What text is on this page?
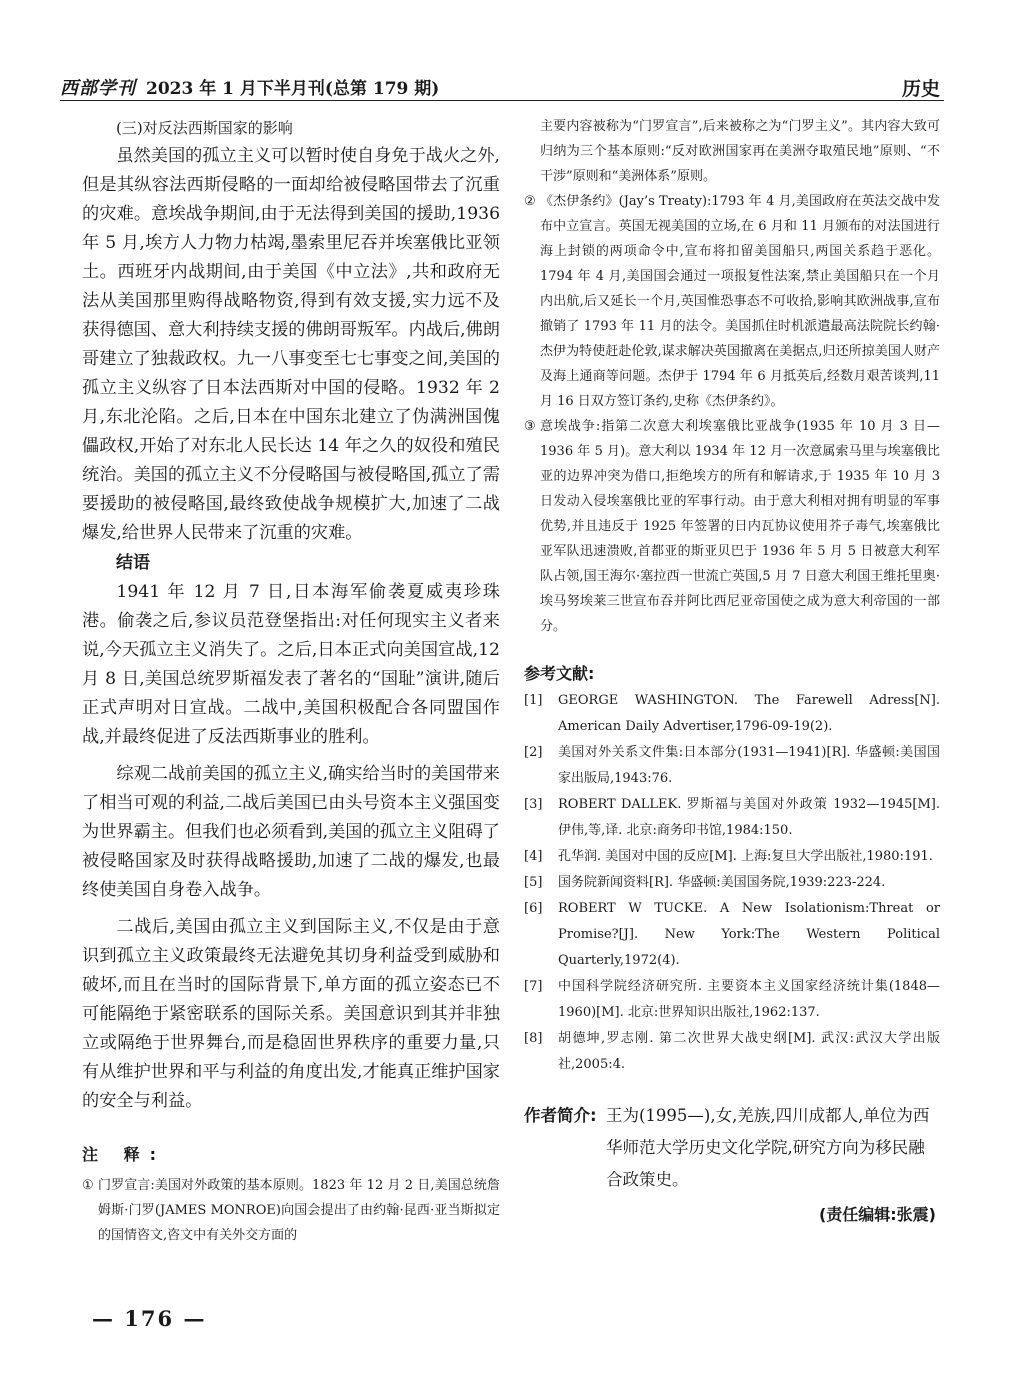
西部学刊 2023 年 1 月下半月刊(总第 179 期)	历史

(三)对反法西斯国家的影响

虽然美国的孤立主义可以暂时使自身免于战火之外,但是其纵容法西斯侵略的一面却给被侵略国带去了沉重的灾难。意埃战争期间,由于无法得到美国的援助,1936 年 5 月,埃方人力物力枯竭,墨索里尼吞并埃塞俄比亚领土。西班牙内战期间,由于美国《中立法》,共和政府无法从美国那里购得战略物资,得到有效支援,实力远不及获得德国、意大利持续支援的佛朗哥叛军。内战后,佛朗哥建立了独裁政权。九一八事变至七七事变之间,美国的孤立主义纵容了日本法西斯对中国的侵略。1932 年 2 月,东北沦陷。之后,日本在中国东北建立了伪满洲国傀儡政权,开始了对东北人民长达 14 年之久的奴役和殖民统治。美国的孤立主义不分侵略国与被侵略国,孤立了需要援助的被侵略国,最终致使战争规模扩大,加速了二战爆发,给世界人民带来了沉重的灾难。

结语

1941 年 12 月 7 日,日本海军偷袭夏威夷珍珠港。偷袭之后,参议员范登堡指出:对任何现实主义者来说,今天孤立主义消失了。之后,日本正式向美国宣战,12 月 8 日,美国总统罗斯福发表了著名的“国耻”演讲,随后正式声明对日宣战。二战中,美国积极配合各同盟国作战,并最终促进了反法西斯事业的胜利。

综观二战前美国的孤立主义,确实给当时的美国带来了相当可观的利益,二战后美国已由头号资本主义强国变为世界霸主。但我们也必须看到,美国的孤立主义阻碍了被侵略国家及时获得战略援助,加速了二战的爆发,也最终使美国自身卷入战争。

二战后,美国由孤立主义到国际主义,不仅是由于意识到孤立主义政策最终无法避免其切身利益受到威胁和破坏,而且在当时的国际背景下,单方面的孤立姿态已不可能隔绝于紧密联系的国际关系。美国意识到其并非独立或隔绝于世界舞台,而是稳固世界秩序的重要力量,只有从维护世界和平与利益的角度出发,才能真正维护国家的安全与利益。

注 释:

① 门罗宣言:美国对外政策的基本原则。1823 年 12 月 2 日,美国总统詹姆斯·门罗(JAMES MONROE)向国会提出了由约翰·昆西·亚当斯拟定的国情咨文,咨文中有关外交方面的

主要内容被称为“门罗宣言”,后来被称之为“门罗主义”。其内容大致可归纳为三个基本原则:“反对欧洲国家再在美洲夺取殖民地”原则、“不干涉”原则和“美洲体系”原则。

② 《杰伊条约》(Jay’s Treaty):1793 年 4 月,美国政府在英法交战中发布中立宣言。英国无视美国的立场,在 6 月和 11 月颁布的对法国进行海上封锁的两项命令中,宣布将扣留美国船只,两国关系趋于恶化。1794 年 4 月,美国国会通过一项报复性法案,禁止美国船只在一个月内出航,后又延长一个月,英国惟恐事态不可收拾,影响其欧洲战事,宣布撤销了 1793 年 11 月的法令。美国抓住时机派遣最高法院院长约翰·杰伊为特使赶赴伦敦,谋求解决英国撤离在美据点,归还所掠美国人财产及海上通商等问题。杰伊于 1794 年 6 月抵英后,经数月艰苦谈判,11 月 16 日双方签订条约,史称《杰伊条约》。

③ 意埃战争:指第二次意大利埃塞俄比亚战争(1935 年 10 月 3 日—1936 年 5 月)。意大利以 1934 年 12 月一次意属索马里与埃塞俄比亚的边界冲突为借口,拒绝埃方的所有和解请求,于 1935 年 10 月 3 日发动入侵埃塞俄比亚的军事行动。由于意大利相对拥有明显的军事优势,并且违反于 1925 年签署的日内瓦协议使用芥子毒气,埃塞俄比亚军队迅速溃败,首都亚的斯亚贝巴于 1936 年 5 月 5 日被意大利军队占领,国王海尔·塞拉西一世流亡英国,5 月 7 日意大利国王维托里奥·埃马努埃莱三世宣布吞并阿比西尼亚帝国使之成为意大利帝国的一部分。

参考文献:

[1] GEORGE WASHINGTON. The Farewell Adress[N]. American Daily Advertiser,1796-09-19(2).

[2] 美国对外关系文件集:日本部分(1931—1941)[R]. 华盛顿:美国国家出版局,1943:76.

[3] ROBERT DALLEK. 罗斯福与美国对外政策 1932—1945[M]. 伊伟,等,译. 北京:商务印书馆,1984:150.

[4] 孔华润. 美国对中国的反应[M]. 上海:复旦大学出版社,1980:191.

[5] 国务院新闻资料[R]. 华盛顿:美国国务院,1939:223-224.

[6] ROBERT W TUCKE. A New Isolationism:Threat or Promise?[J]. New York:The Western Political Quarterly,1972(4).

[7] 中国科学院经济研究所. 主要资本主义国家经济统计集(1848—1960)[M]. 北京:世界知识出版社,1962:137.

[8] 胡德坤,罗志刚. 第二次世界大战史纲[M]. 武汉:武汉大学出版社,2005:4.

作者简介: 王为(1995—),女,羌族,四川成都人,单位为西华师范大学历史文化学院,研究方向为移民融合政策史。
(责任编辑:张震)
— 176 —
